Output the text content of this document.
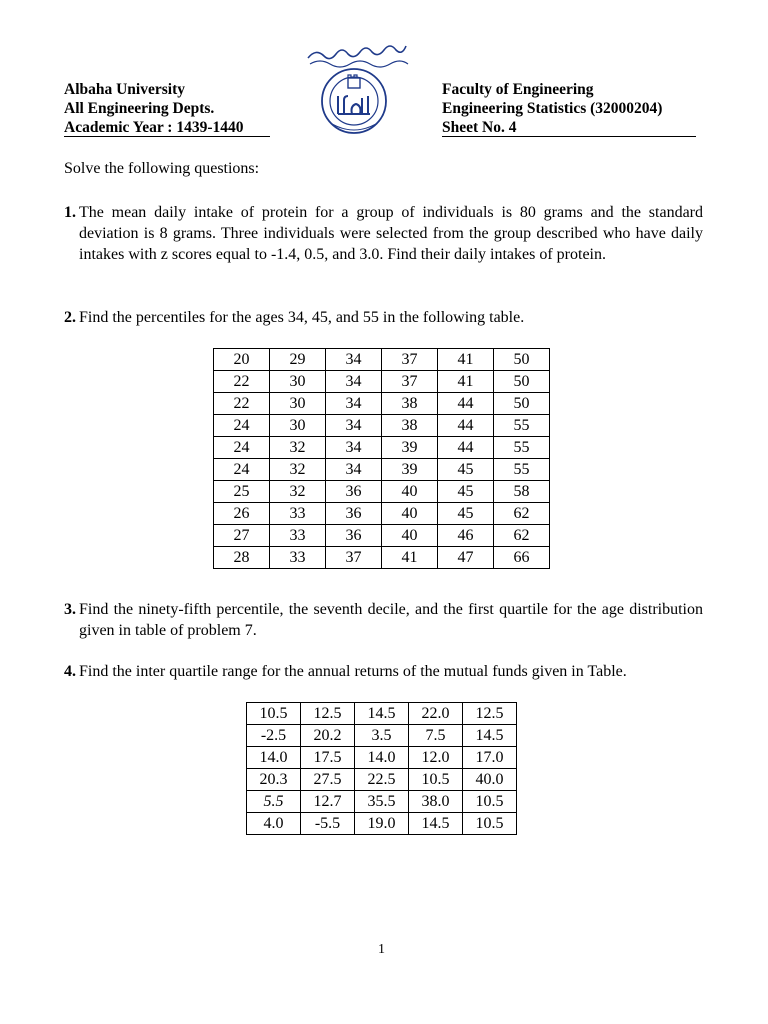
Albaha University
All Engineering Depts.
Academic Year : 1439-1440
Faculty of Engineering
Engineering Statistics (32000204)
Sheet No. 4
Solve the following questions:
1. The mean daily intake of protein for a group of individuals is 80 grams and the standard deviation is 8 grams. Three individuals were selected from the group described who have daily intakes with z scores equal to -1.4, 0.5, and 3.0. Find their daily intakes of protein.
2. Find the percentiles for the ages 34, 45, and 55 in the following table.
20	29	34	37	41	50
22	30	34	37	41	50
22	30	34	38	44	50
24	30	34	38	44	55
24	32	34	39	44	55
24	32	34	39	45	55
25	32	36	40	45	58
26	33	36	40	45	62
27	33	36	40	46	62
28	33	37	41	47	66
3. Find the ninety-fifth percentile, the seventh decile, and the first quartile for the age distribution given in table of problem 7.
4. Find the inter quartile range for the annual returns of the mutual funds given in Table.
10.5	12.5	14.5	22.0	12.5
-2.5	20.2	3.5	7.5	14.5
14.0	17.5	14.0	12.0	17.0
20.3	27.5	22.5	10.5	40.0
5.5	12.7	35.5	38.0	10.5
4.0	-5.5	19.0	14.5	10.5
1
